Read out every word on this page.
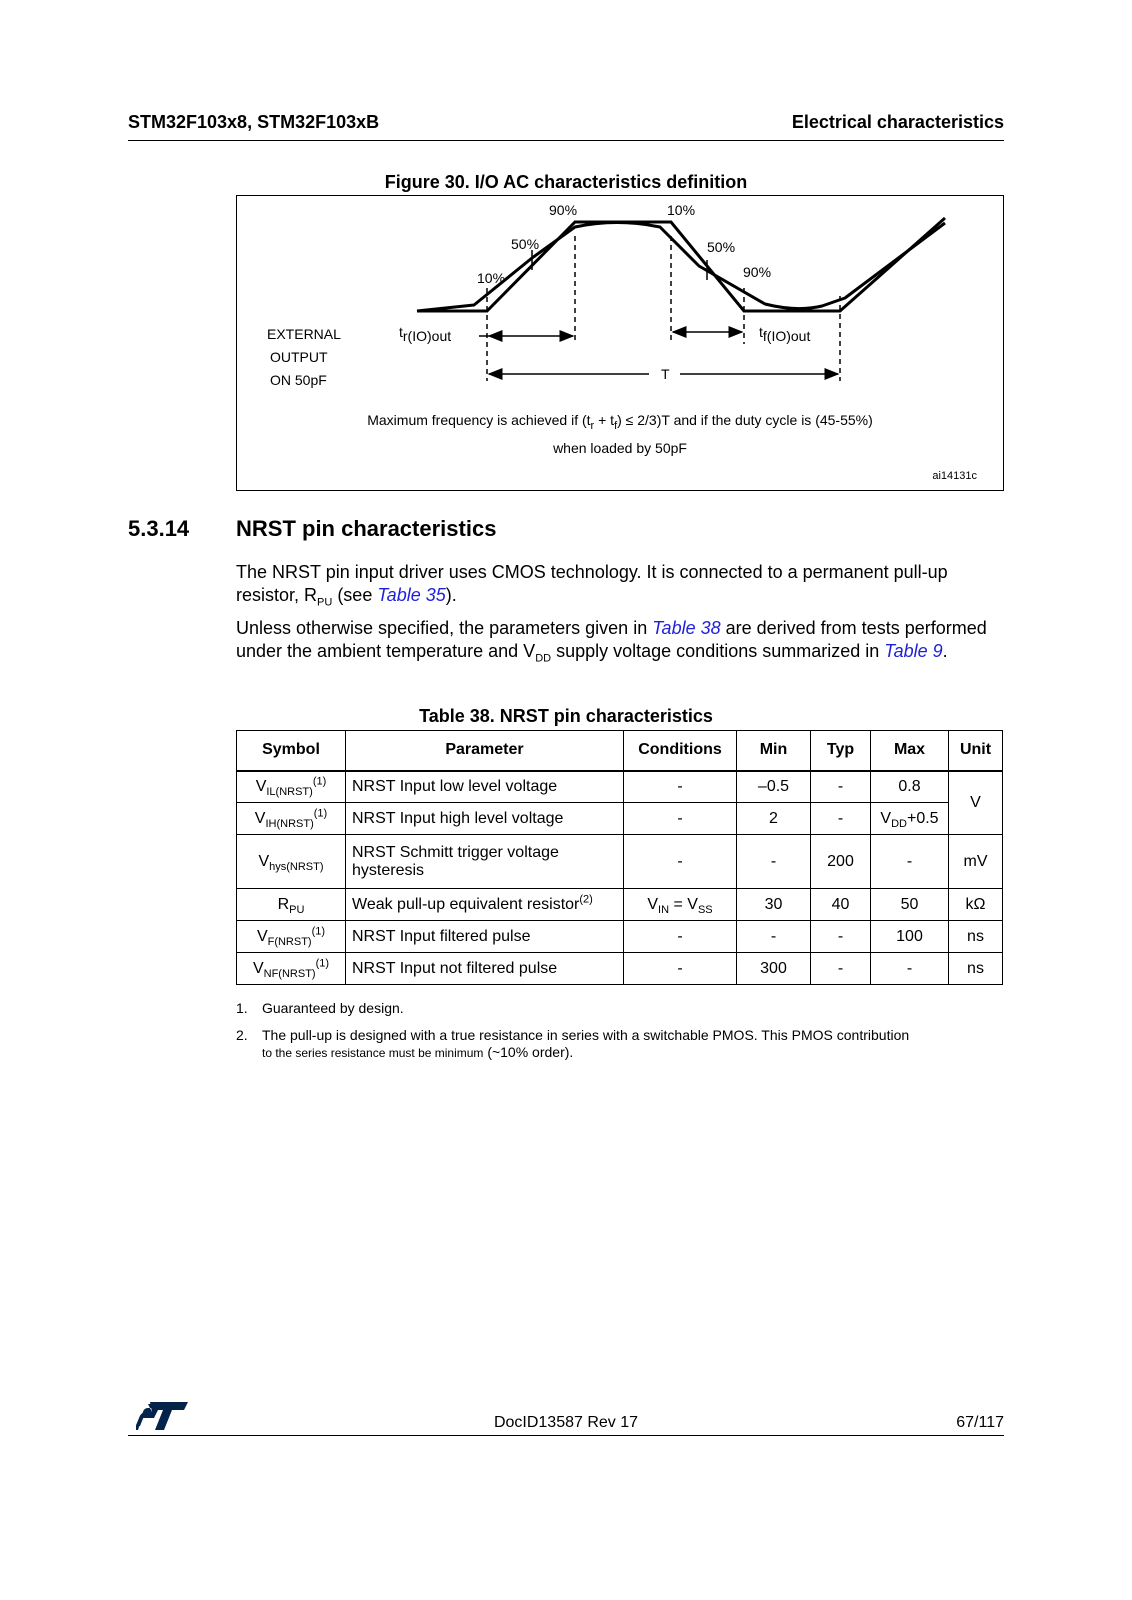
STM32F103x8, STM32F103xB	Electrical characteristics
Figure 30. I/O AC characteristics definition
90%	10%
50%	50%
10%	90%
EXTERNAL
OUTPUT
ON 50pF
$t_{r(IO)out}$	$t_{f(IO)out}$
T
Maximum frequency is achieved if $(t_r + t_f) \le 2/3)T$ and if the duty cycle is (45-55%)
when loaded by 50pF
ai14131c
5.3.14 NRST pin characteristics
The NRST pin input driver uses CMOS technology. It is connected to a permanent pull-up resistor, $R_{PU}$ (see Table 35).
Unless otherwise specified, the parameters given in Table 38 are derived from tests performed under the ambient temperature and $V_{DD}$ supply voltage conditions summarized in Table 9.
Table 38. NRST pin characteristics
Symbol	Parameter	Conditions	Min	Typ	Max	Unit
$V_{IL(NRST)}^{(1)}$	NRST Input low level voltage	-	–0.5	-	0.8	V
$V_{IH(NRST)}^{(1)}$	NRST Input high level voltage	-	2	-	$V_{DD}+0.5$	
$V_{hys(NRST)}$	NRST Schmitt trigger voltage hysteresis	-	-	200	-	mV
$R_{PU}$	Weak pull-up equivalent resistor$^{(2)}$	$V_{IN} = V_{SS}$	30	40	50	kΩ
$V_{F(NRST)}^{(1)}$	NRST Input filtered pulse	-	-	-	100	ns
$V_{NF(NRST)}^{(1)}$	NRST Input not filtered pulse	-	300	-	-	ns
1. Guaranteed by design.
2. The pull-up is designed with a true resistance in series with a switchable PMOS. This PMOS contribution
to the series resistance must be minimum (~10% order).
DocID13587 Rev 17	67/117
